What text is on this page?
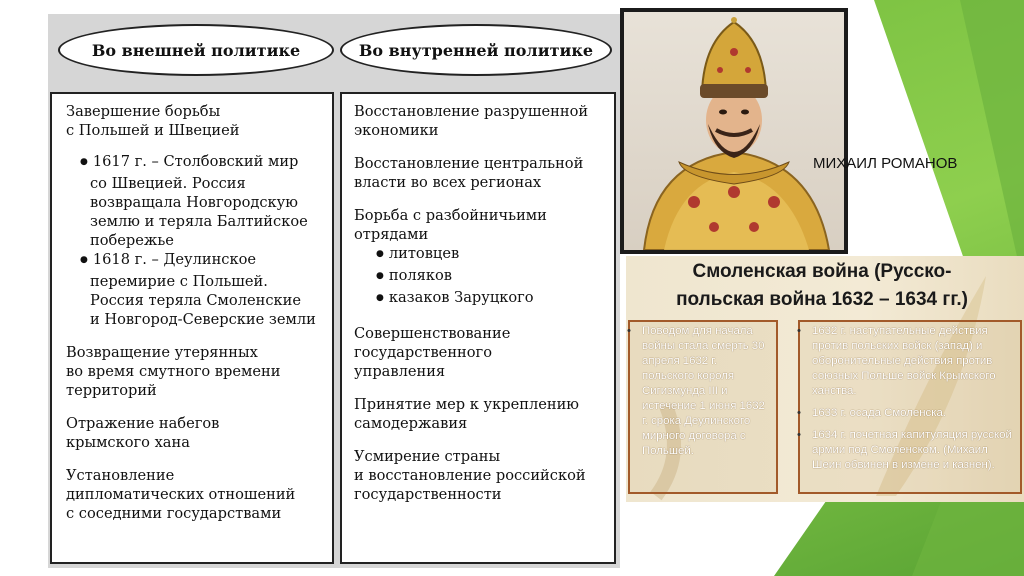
Во внешней политике	Во внутренней политике
Завершение борьбы
с Польшей и Швецией
● 1617 г. – Столбовский мир
со Швецией. Россия
возвращала Новгородскую
землю и теряла Балтийское
побережье
● 1618 г. – Деулинское
перемирие с Польшей.
Россия теряла Смоленские
и Новгород-Северские земли
Возвращение утерянных
во время смутного времени
территорий
Отражение набегов
крымского хана
Установление
дипломатических отношений
с соседними государствами
Восстановление разрушенной
экономики
Восстановление центральной
власти во всех регионах
Борьба с разбойничьими
отрядами
● литовцев
● поляков
● казаков Заруцкого
Совершенствование
государственного
управления
Принятие мер к укреплению
самодержавия
Усмирение страны
и восстановление российской
государственности
МИХАИЛ РОМАНОВ
Смоленская война (Русско-
польская война 1632 – 1634 гг.)

• Поводом для начала войны стала смерть 30 апреля 1632 г. польского короля Сигизмунда III и истечение 1 июня 1632 г. срока Деулинского мирного договора с Польшей.

• 1632 г. наступательные действия против польских войск (запад) и оборонительные действия против союзных Польше войск Крымского ханства.

• 1633 г. осада Смоленска.

• 1634 г. почетная капитуляция русской армии под Смоленском. (Михаил Шеин обвинен в измене и казнен).
